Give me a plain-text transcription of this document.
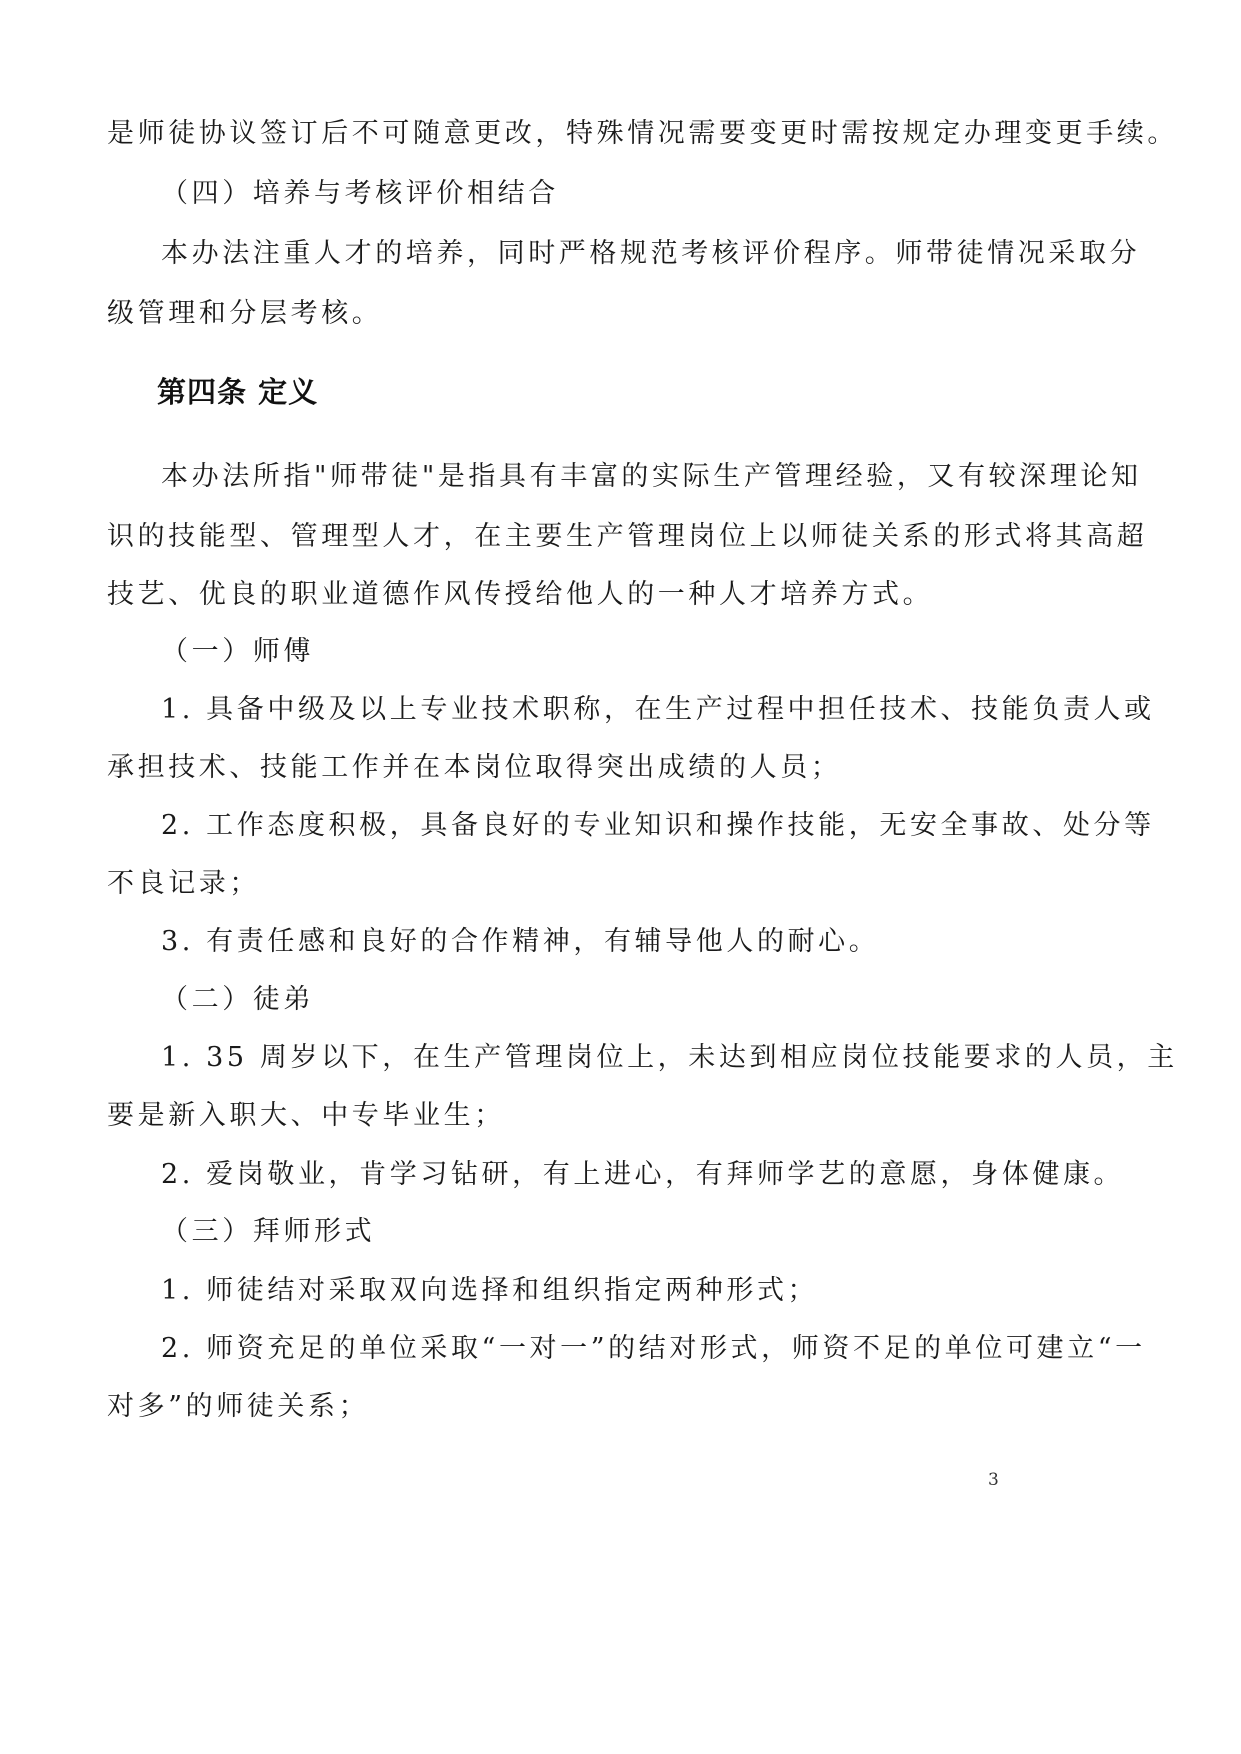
是师徒协议签订后不可随意更改，特殊情况需要变更时需按规定办理变更手续。
（四）培养与考核评价相结合
本办法注重人才的培养，同时严格规范考核评价程序。师带徒情况采取分
级管理和分层考核。
第四条 定义
本办法所指"师带徒"是指具有丰富的实际生产管理经验，又有较深理论知
识的技能型、管理型人才，在主要生产管理岗位上以师徒关系的形式将其高超
技艺、优良的职业道德作风传授给他人的一种人才培养方式。
（一）师傅
1. 具备中级及以上专业技术职称，在生产过程中担任技术、技能负责人或
承担技术、技能工作并在本岗位取得突出成绩的人员；
2. 工作态度积极，具备良好的专业知识和操作技能，无安全事故、处分等
不良记录；
3. 有责任感和良好的合作精神，有辅导他人的耐心。
（二）徒弟
1. 35 周岁以下，在生产管理岗位上，未达到相应岗位技能要求的人员，主
要是新入职大、中专毕业生；
2. 爱岗敬业，肯学习钻研，有上进心，有拜师学艺的意愿，身体健康。
（三）拜师形式
1. 师徒结对采取双向选择和组织指定两种形式；
2. 师资充足的单位采取“一对一”的结对形式，师资不足的单位可建立“一
对多”的师徒关系；
3
